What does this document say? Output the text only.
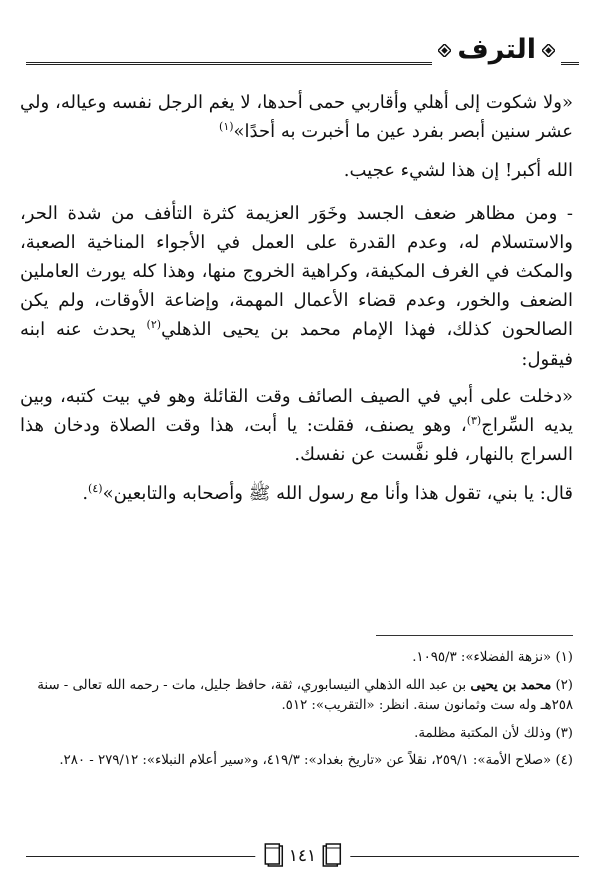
الترف

«ولا شكوت إلى أهلي وأقاربي حمى أحدها، لا يغم الرجل نفسه وعياله، ولي عشر سنين أبصر بفرد عين ما أخبرت به أحدًا»$^{(١)}$

الله أكبر! إن هذا لشيء عجيب.

- ومن مظاهر ضعف الجسد وخَوَر العزيمة كثرة التأفف من شدة الحر، والاستسلام له، وعدم القدرة على العمل في الأجواء المناخية الصعبة، والمكث في الغرف المكيفة، وكراهية الخروج منها، وهذا كله يورث العاملين الضعف والخور، وعدم قضاء الأعمال المهمة، وإضاعة الأوقات، ولم يكن الصالحون كذلك، فهذا الإمام محمد بن يحيى الذهلي$^{(٢)}$ يحدث عنه ابنه فيقول:

«دخلت على أبي في الصيف الصائف وقت القائلة وهو في بيت كتبه، وبين يديه السِّراج$^{(٣)}$، وهو يصنف، فقلت: يا أبت، هذا وقت الصلاة ودخان هذا السراج بالنهار، فلو نفَّست عن نفسك.

قال: يا بني، تقول هذا وأنا مع رسول الله ﷺ وأصحابه والتابعين»$^{(٤)}$.

(١) «نزهة الفضلاء»: ١٠٩٥/٣.

(٢) محمد بن يحيى بن عبد الله الذهلي النيسابوري، ثقة، حافظ جليل، مات - رحمه الله تعالى - سنة ٢٥٨هـ وله ست وثمانون سنة. انظر: «التقريب»: ٥١٢.

(٣) وذلك لأن المكتبة مظلمة.

(٤) «صلاح الأمة»: ٢٥٩/١، نقلاً عن «تاريخ بغداد»: ٤١٩/٣، و«سير أعلام النبلاء»: ٢٧٩/١٢ - ٢٨٠.

١٤١
